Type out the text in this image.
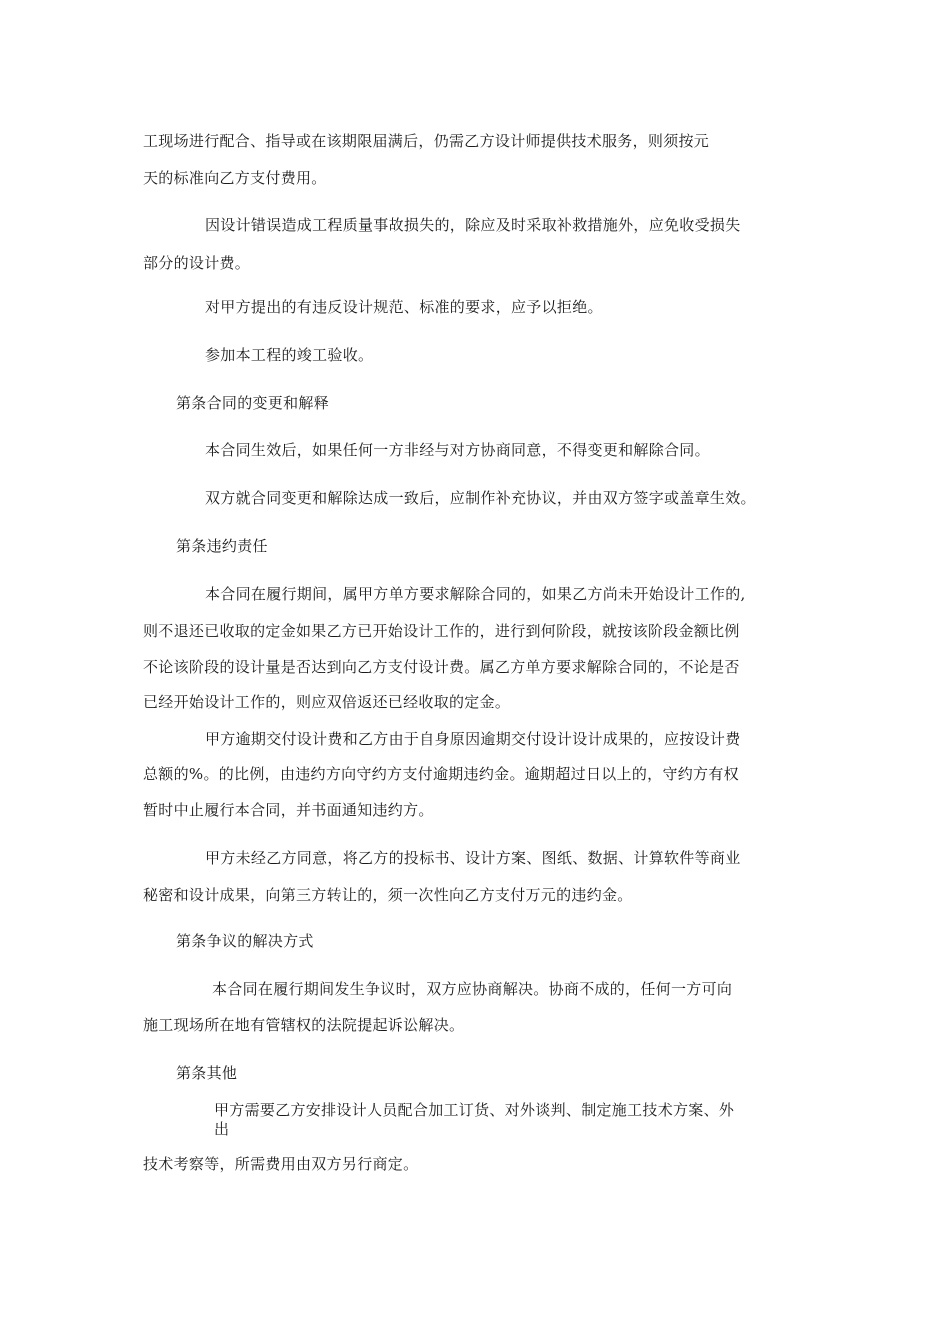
工现场进行配合、指导或在该期限届满后，仍需乙方设计师提供技术服务，则须按元
天的标准向乙方支付费用。
因设计错误造成工程质量事故损失的，除应及时采取补救措施外，应免收受损失
部分的设计费。
对甲方提出的有违反设计规范、标准的要求，应予以拒绝。
参加本工程的竣工验收。
第条合同的变更和解释
本合同生效后，如果任何一方非经与对方协商同意，不得变更和解除合同。
双方就合同变更和解除达成一致后，应制作补充协议，并由双方签字或盖章生效。
第条违约责任
本合同在履行期间，属甲方单方要求解除合同的，如果乙方尚未开始设计工作的,
则不退还已收取的定金如果乙方已开始设计工作的，进行到何阶段，就按该阶段金额比例
不论该阶段的设计量是否达到向乙方支付设计费。属乙方单方要求解除合同的，不论是否
已经开始设计工作的，则应双倍返还已经收取的定金。
甲方逾期交付设计费和乙方由于自身原因逾期交付设计设计成果的，应按设计费
总额的%。的比例，由违约方向守约方支付逾期违约金。逾期超过日以上的，守约方有权
暂时中止履行本合同，并书面通知违约方。
甲方未经乙方同意，将乙方的投标书、设计方案、图纸、数据、计算软件等商业
秘密和设计成果，向第三方转让的，须一次性向乙方支付万元的违约金。
第条争议的解决方式
本合同在履行期间发生争议时，双方应协商解决。协商不成的，任何一方可向
施工现场所在地有管辖权的法院提起诉讼解决。
第条其他
甲方需要乙方安排设计人员配合加工订货、对外谈判、制定施工技术方案、外
出
技术考察等，所需费用由双方另行商定。
